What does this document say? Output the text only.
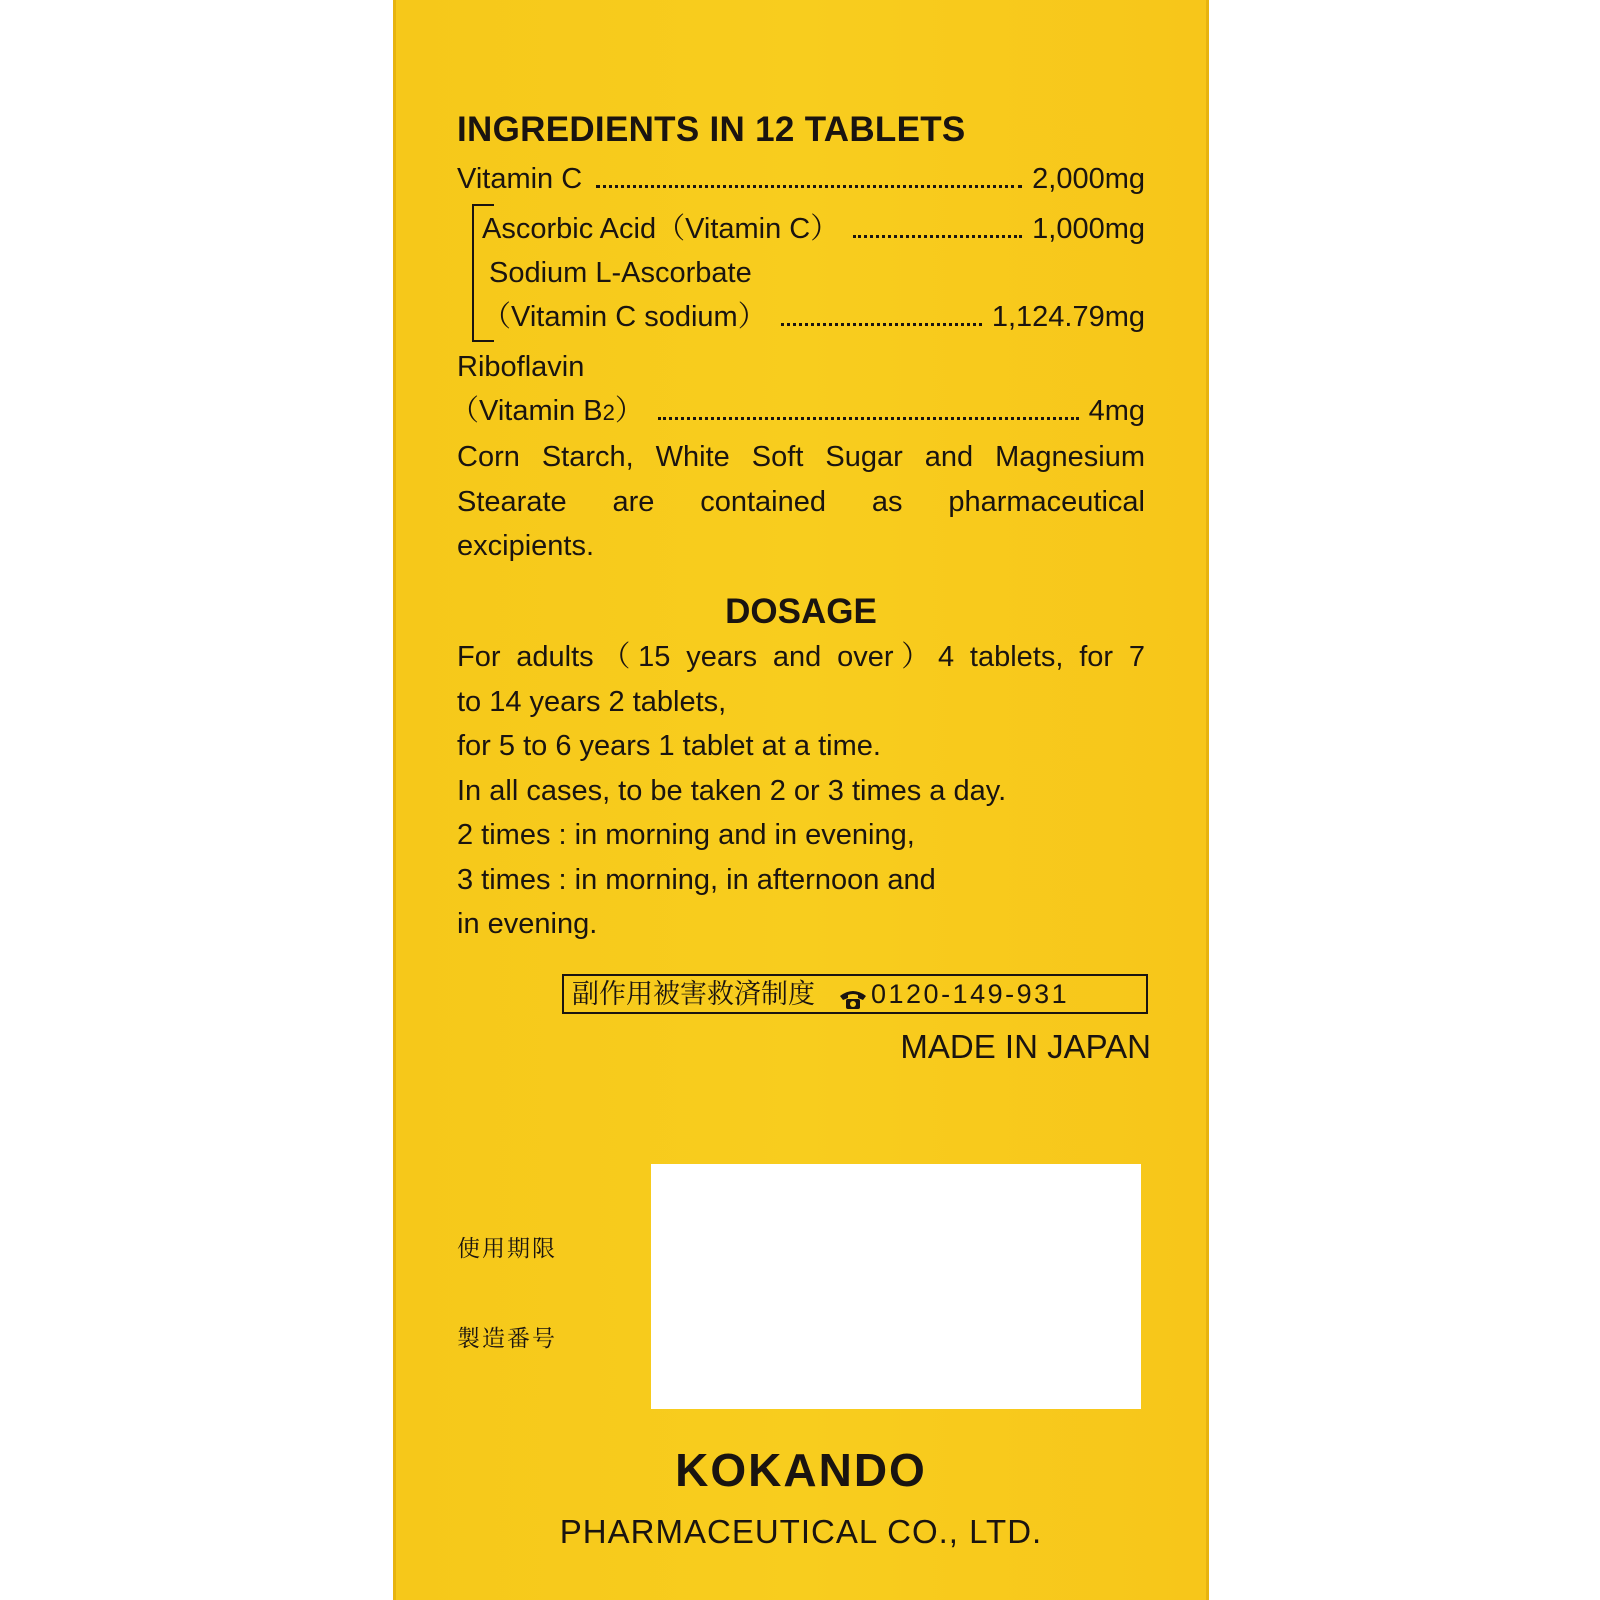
INGREDIENTS IN 12 TABLETS
Vitamin C	2,000mg
Ascorbic Acid（Vitamin C）	1,000mg
Sodium L-Ascorbate
（Vitamin C sodium）	1,124.79mg
Riboflavin
（Vitamin B2）	4mg
Corn Starch, White Soft Sugar and Magnesium
Stearate are contained as pharmaceutical
excipients.
DOSAGE
For adults（15 years and over）4 tablets, for 7
to 14 years 2 tablets,
for 5 to 6 years 1 tablet at a time.
In all cases, to be taken 2 or 3 times a day.
2 times : in morning and in evening,
3 times : in morning, in afternoon and
in evening.
副作用被害救済制度 0120-149-931
MADE IN JAPAN
使用期限
製造番号
KOKANDO
PHARMACEUTICAL CO., LTD.
